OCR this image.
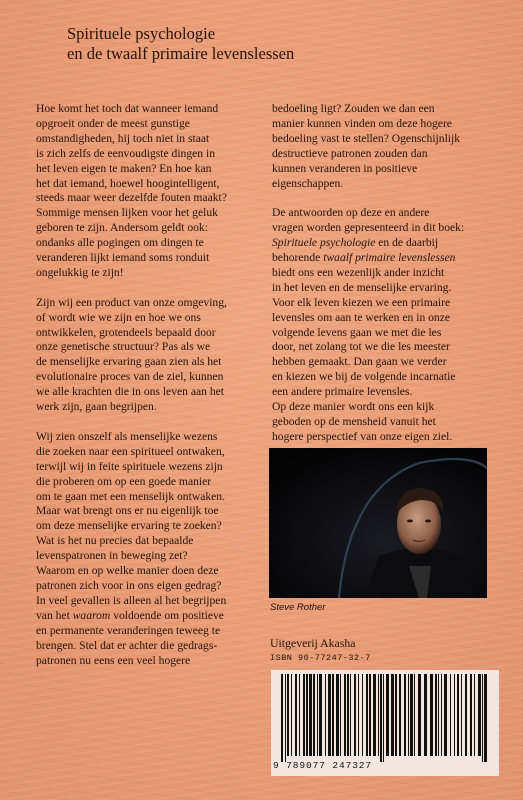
Spirituele psychologie
en de twaalf primaire levenslessen

Hoe komt het toch dat wanneer iemand
opgroeit onder de meest gunstige
omstandigheden, hij toch niet in staat
is zich zelfs de eenvoudigste dingen in
het leven eigen te maken? En hoe kan
het dat iemand, hoewel hoogintelligent,
steeds maar weer dezelfde fouten maakt?
Sommige mensen lijken voor het geluk
geboren te zijn. Andersom geldt ook:
ondanks alle pogingen om dingen te
veranderen lijkt iemand soms ronduit
ongelukkig te zijn!

Zijn wij een product van onze omgeving,
of wordt wie we zijn en hoe we ons
ontwikkelen, grotendeels bepaald door
onze genetische structuur? Pas als we
de menselijke ervaring gaan zien als het
evolutionaire proces van de ziel, kunnen
we alle krachten die in ons leven aan het
werk zijn, gaan begrijpen.

Wij zien onszelf als menselijke wezens
die zoeken naar een spiritueel ontwaken,
terwijl wij in feite spirituele wezens zijn
die proberen om op een goede manier
om te gaan met een menselijk ontwaken.
Maar wat brengt ons er nu eigenlijk toe
om deze menselijke ervaring te zoeken?
Wat is het nu precies dat bepaalde
levenspatronen in beweging zet?
Waarom en op welke manier doen deze
patronen zich voor in ons eigen gedrag?
In veel gevallen is alleen al het begrijpen
van het waarom voldoende om positieve
en permanente veranderingen teweeg te
brengen. Stel dat er achter die gedrags-
patronen nu eens een veel hogere

bedoeling ligt? Zouden we dan een
manier kunnen vinden om deze hogere
bedoeling vast te stellen? Ogenschijnlijk
destructieve patronen zouden dan
kunnen veranderen in positieve
eigenschappen.

De antwoorden op deze en andere
vragen worden gepresenteerd in dit boek:
Spirituele psychologie en de daarbij
behorende twaalf primaire levenslessen
biedt ons een wezenlijk ander inzicht
in het leven en de menselijke ervaring.
Voor elk leven kiezen we een primaire
levensles om aan te werken en in onze
volgende levens gaan we met die les
door, net zolang tot we die les meester
hebben gemaakt. Dan gaan we verder
en kiezen we bij de volgende incarnatie
een andere primaire levensles.
Op deze manier wordt ons een kijk
geboden op de mensheid vanuit het
hogere perspectief van onze eigen ziel.

Steve Rother
Uitgeverij Akasha
ISBN 90-77247-32-7
9 789077 247327
